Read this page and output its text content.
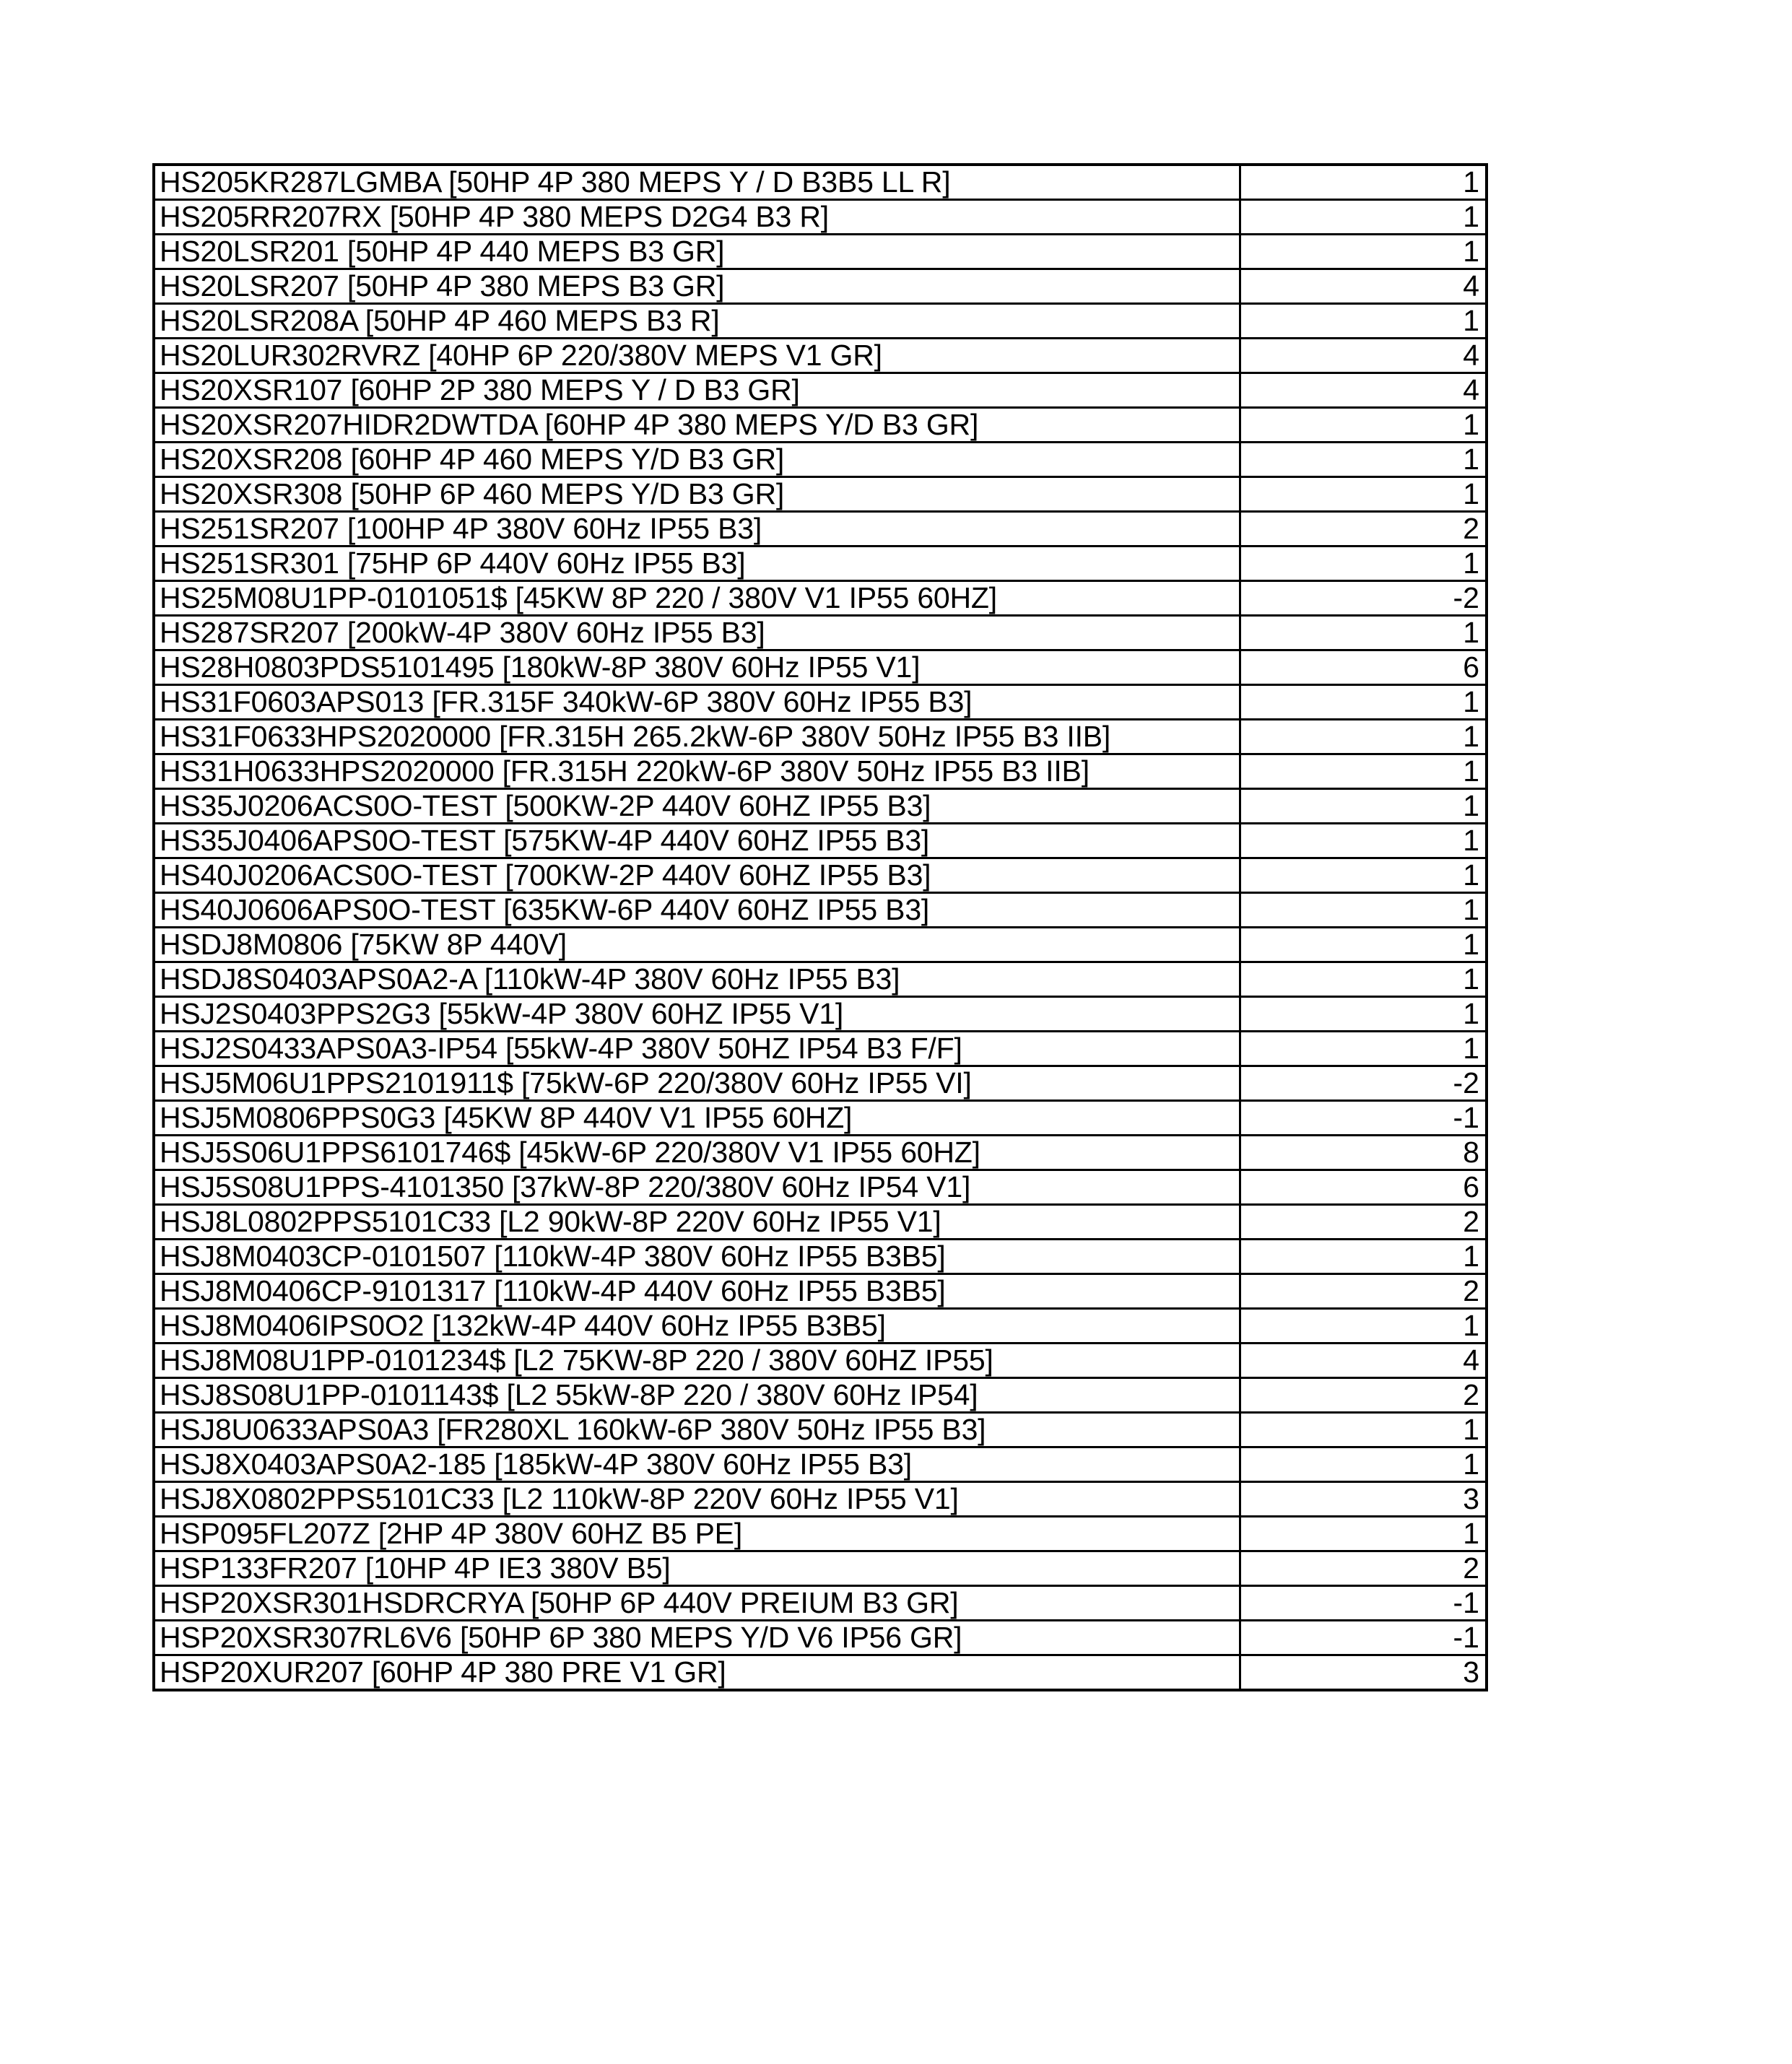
HS205KR287LGMBA [50HP 4P 380 MEPS Y / D B3B5 LL R]	1
HS205RR207RX [50HP 4P 380 MEPS D2G4 B3 R]	1
HS20LSR201 [50HP 4P 440 MEPS B3 GR]	1
HS20LSR207 [50HP 4P 380 MEPS B3 GR]	4
HS20LSR208A [50HP 4P 460 MEPS B3 R]	1
HS20LUR302RVRZ [40HP 6P 220/380V MEPS V1 GR]	4
HS20XSR107 [60HP 2P 380 MEPS Y / D B3 GR]	4
HS20XSR207HIDR2DWTDA [60HP 4P 380 MEPS Y/D B3 GR]	1
HS20XSR208 [60HP 4P 460 MEPS Y/D B3 GR]	1
HS20XSR308 [50HP 6P 460 MEPS Y/D B3 GR]	1
HS251SR207 [100HP 4P 380V 60Hz IP55 B3]	2
HS251SR301 [75HP 6P 440V 60Hz IP55 B3]	1
HS25M08U1PP-0101051$ [45KW 8P 220 / 380V V1 IP55 60HZ]	-2
HS287SR207 [200kW-4P 380V 60Hz IP55 B3]	1
HS28H0803PDS5101495 [180kW-8P 380V 60Hz IP55 V1]	6
HS31F0603APS013 [FR.315F 340kW-6P 380V 60Hz IP55 B3]	1
HS31F0633HPS2020000 [FR.315H 265.2kW-6P 380V 50Hz IP55 B3 IIB]	1
HS31H0633HPS2020000 [FR.315H 220kW-6P 380V 50Hz IP55 B3 IIB]	1
HS35J0206ACS0O-TEST [500KW-2P 440V 60HZ IP55 B3]	1
HS35J0406APS0O-TEST [575KW-4P 440V 60HZ IP55 B3]	1
HS40J0206ACS0O-TEST [700KW-2P 440V 60HZ IP55 B3]	1
HS40J0606APS0O-TEST [635KW-6P 440V 60HZ IP55 B3]	1
HSDJ8M0806 [75KW 8P 440V]	1
HSDJ8S0403APS0A2-A [110kW-4P 380V 60Hz IP55 B3]	1
HSJ2S0403PPS2G3 [55kW-4P 380V 60HZ IP55 V1]	1
HSJ2S0433APS0A3-IP54 [55kW-4P 380V 50HZ IP54 B3 F/F]	1
HSJ5M06U1PPS2101911$ [75kW-6P 220/380V 60Hz IP55 VI]	-2
HSJ5M0806PPS0G3 [45KW 8P 440V V1 IP55 60HZ]	-1
HSJ5S06U1PPS6101746$ [45kW-6P 220/380V V1 IP55 60HZ]	8
HSJ5S08U1PPS-4101350 [37kW-8P 220/380V 60Hz IP54 V1]	6
HSJ8L0802PPS5101C33 [L2 90kW-8P 220V 60Hz IP55 V1]	2
HSJ8M0403CP-0101507 [110kW-4P 380V 60Hz IP55 B3B5]	1
HSJ8M0406CP-9101317 [110kW-4P 440V 60Hz IP55 B3B5]	2
HSJ8M0406IPS0O2 [132kW-4P 440V 60Hz IP55 B3B5]	1
HSJ8M08U1PP-0101234$ [L2 75KW-8P 220 / 380V 60HZ IP55]	4
HSJ8S08U1PP-0101143$ [L2 55kW-8P 220 / 380V 60Hz IP54]	2
HSJ8U0633APS0A3 [FR280XL 160kW-6P 380V 50Hz IP55 B3]	1
HSJ8X0403APS0A2-185 [185kW-4P 380V 60Hz IP55 B3]	1
HSJ8X0802PPS5101C33 [L2 110kW-8P 220V 60Hz IP55 V1]	3
HSP095FL207Z [2HP 4P 380V 60HZ B5 PE]	1
HSP133FR207 [10HP 4P IE3 380V B5]	2
HSP20XSR301HSDRCRYA [50HP 6P 440V PREIUM B3 GR]	-1
HSP20XSR307RL6V6 [50HP 6P 380 MEPS Y/D V6 IP56 GR]	-1
HSP20XUR207 [60HP 4P 380 PRE V1 GR]	3
